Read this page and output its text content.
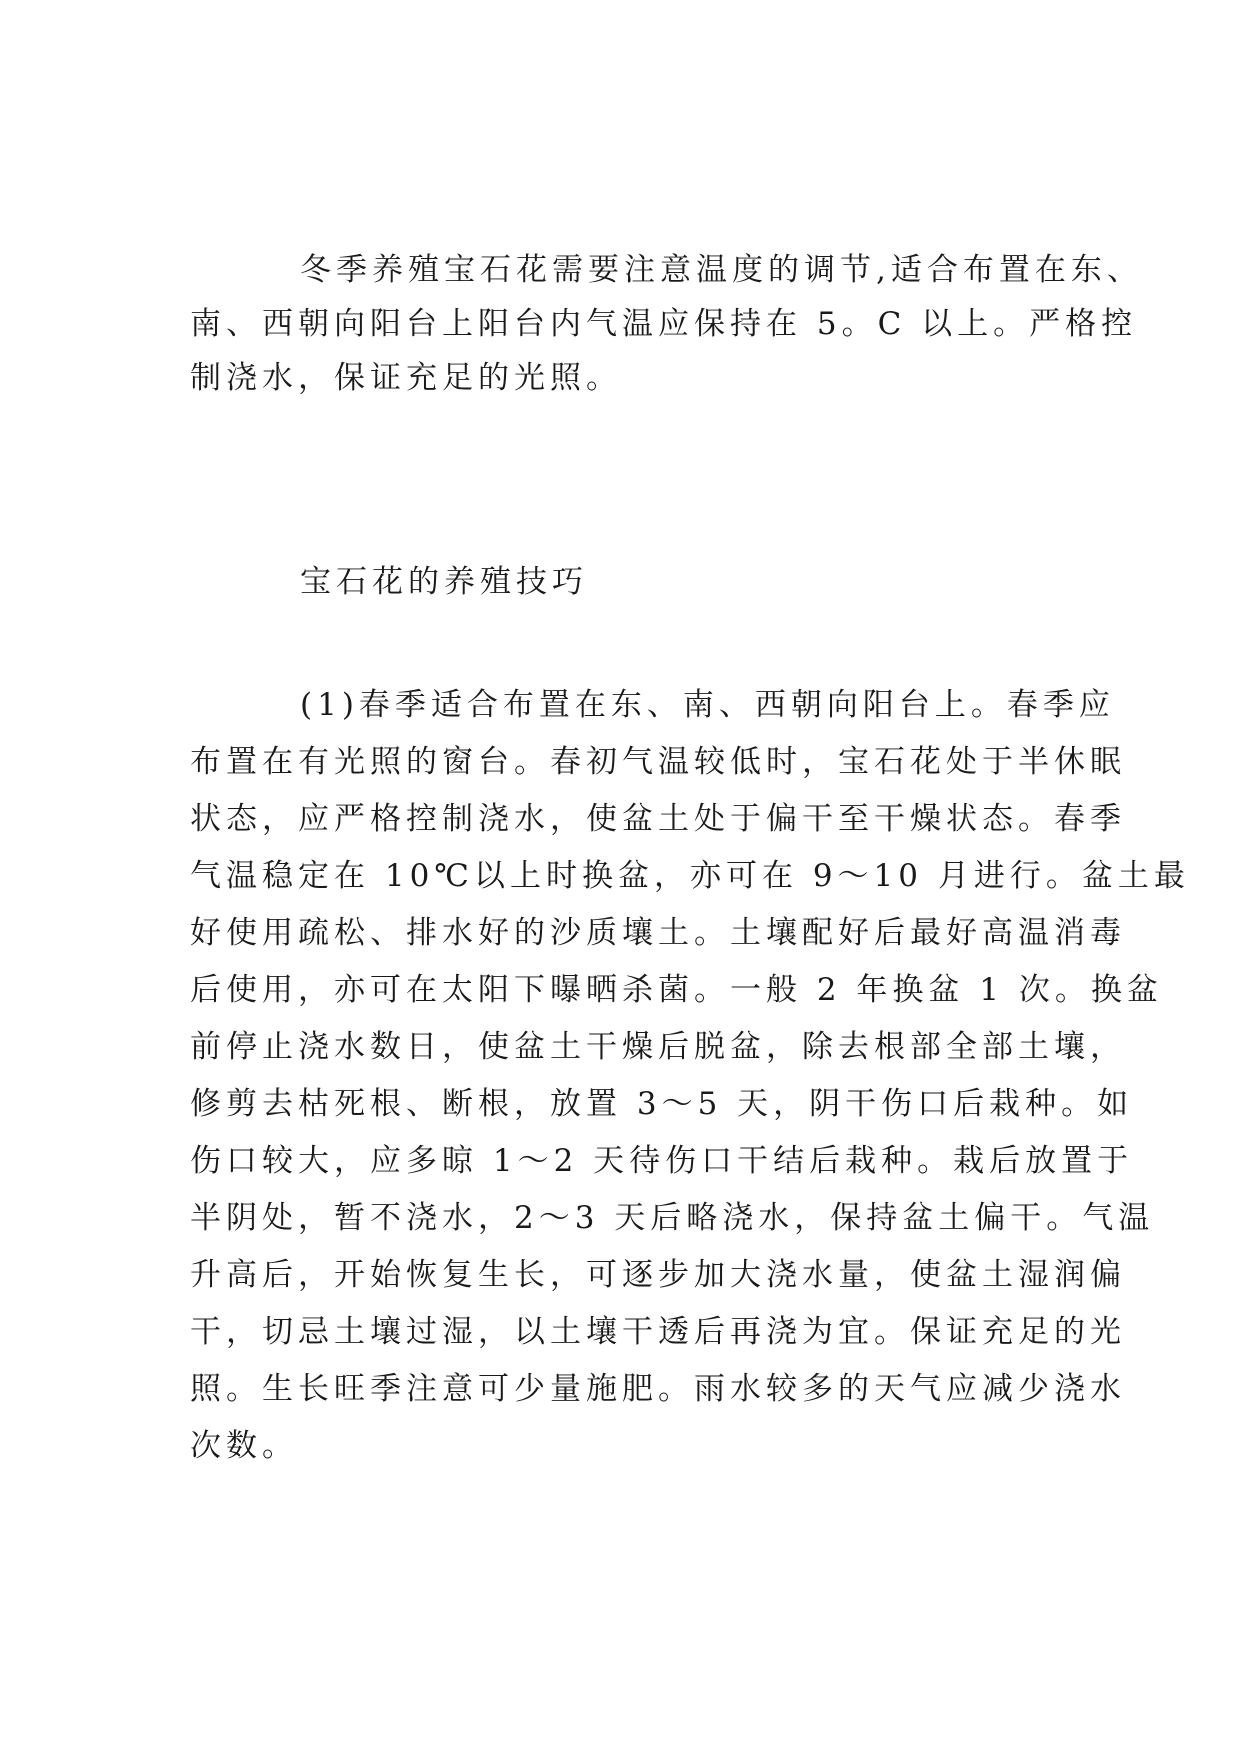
冬季养殖宝石花需要注意温度的调节,适合布置在东、
南、西朝向阳台上阳台内气温应保持在 5。C 以上。严格控
制浇水，保证充足的光照。
宝石花的养殖技巧
(1)春季适合布置在东、南、西朝向阳台上。春季应
布置在有光照的窗台。春初气温较低时，宝石花处于半休眠
状态，应严格控制浇水，使盆土处于偏干至干燥状态。春季
气温稳定在 10℃以上时换盆，亦可在 9～10 月进行。盆土最
好使用疏松、排水好的沙质壤土。土壤配好后最好高温消毒
后使用，亦可在太阳下曝晒杀菌。一般 2 年换盆 1 次。换盆
前停止浇水数日，使盆土干燥后脱盆，除去根部全部土壤，
修剪去枯死根、断根，放置 3～5 天，阴干伤口后栽种。如
伤口较大，应多晾 1～2 天待伤口干结后栽种。栽后放置于
半阴处，暂不浇水，2～3 天后略浇水，保持盆土偏干。气温
升高后，开始恢复生长，可逐步加大浇水量，使盆土湿润偏
干，切忌土壤过湿，以土壤干透后再浇为宜。保证充足的光
照。生长旺季注意可少量施肥。雨水较多的天气应减少浇水
次数。
